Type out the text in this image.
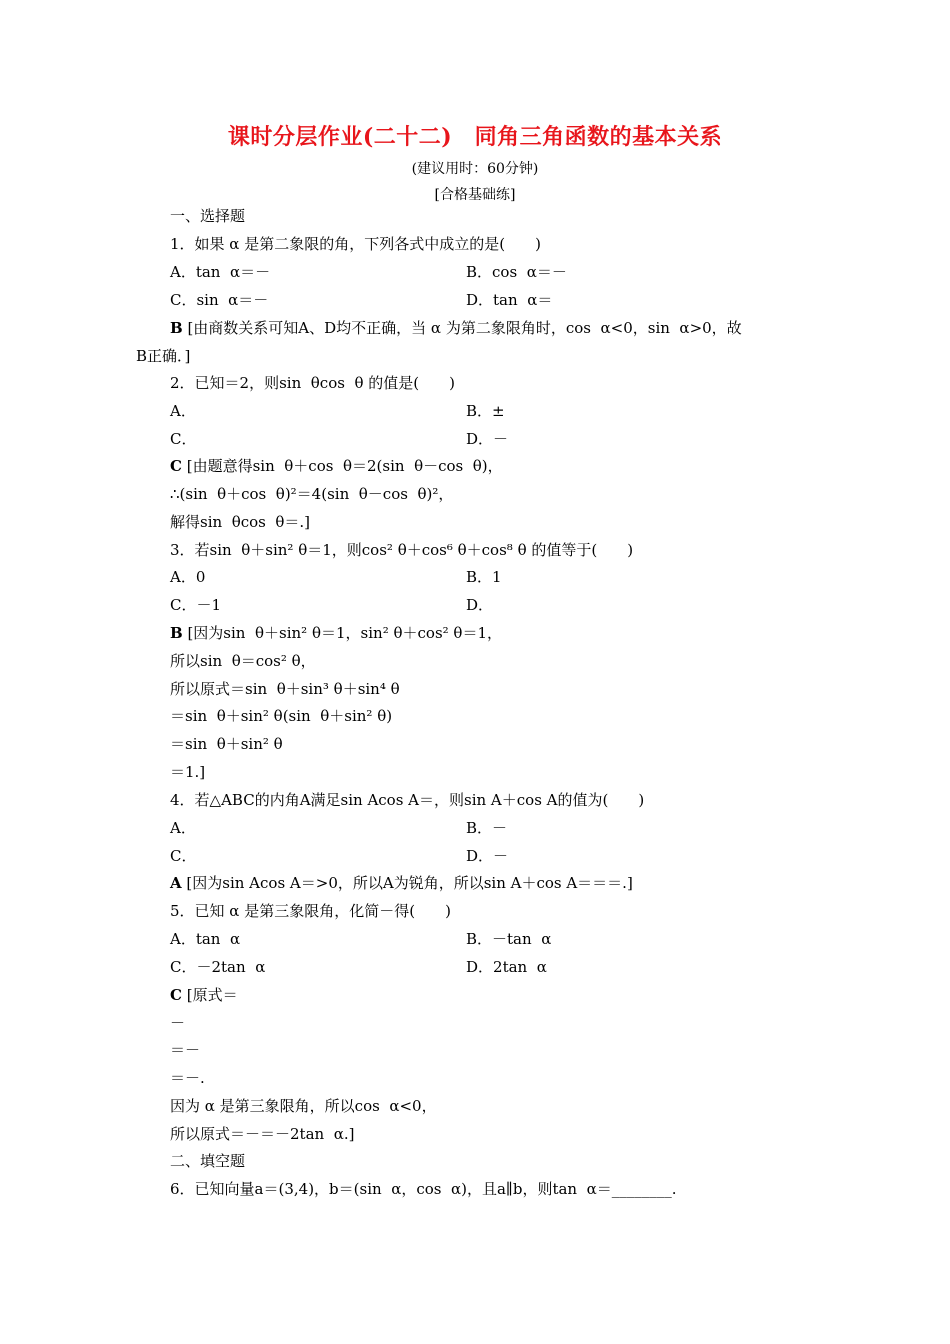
课时分层作业(二十二)　同角三角函数的基本关系
(建议用时：60分钟)
[合格基础练]
一、选择题
1．如果 α 是第二象限的角，下列各式中成立的是(　　)
A．tan  α＝－	B．cos  α＝－
C．sin  α＝－	D．tan  α＝
B [由商数关系可知A、D均不正确，当 α 为第二象限角时，cos  α<0，sin  α>0，故
B正确．]
2．已知＝2，则sin  θcos  θ 的值是(　　)
A．	B．±
C．	D．－
C [由题意得sin  θ＋cos  θ＝2(sin  θ－cos  θ)，
∴(sin  θ＋cos  θ)²＝4(sin  θ－cos  θ)²，
解得sin  θcos  θ＝.]
3．若sin  θ＋sin² θ＝1，则cos² θ＋cos⁶ θ＋cos⁸ θ 的值等于(　　)
A．0	B．1
C．－1	D．
B [因为sin  θ＋sin² θ＝1，sin² θ＋cos² θ＝1，
所以sin  θ＝cos² θ，
所以原式＝sin  θ＋sin³ θ＋sin⁴ θ
＝sin  θ＋sin² θ(sin  θ＋sin² θ)
＝sin  θ＋sin² θ
＝1.]
4．若△ABC的内角A满足sin Acos A＝，则sin A＋cos A的值为(　　)
A．	B．－
C．	D．－
A [因为sin Acos A＝>0，所以A为锐角，所以sin A＋cos A＝＝＝.]
5．已知 α 是第三象限角，化简－得(　　)
A．tan  α	B．－tan  α
C．－2tan  α	D．2tan  α
C [原式＝
－
＝－
＝－.
因为 α 是第三象限角，所以cos  α<0，
所以原式＝－＝－2tan  α.]
二、填空题
6．已知向量a＝(3,4)，b＝(sin  α，cos  α)，且a∥b，则tan  α＝________.
